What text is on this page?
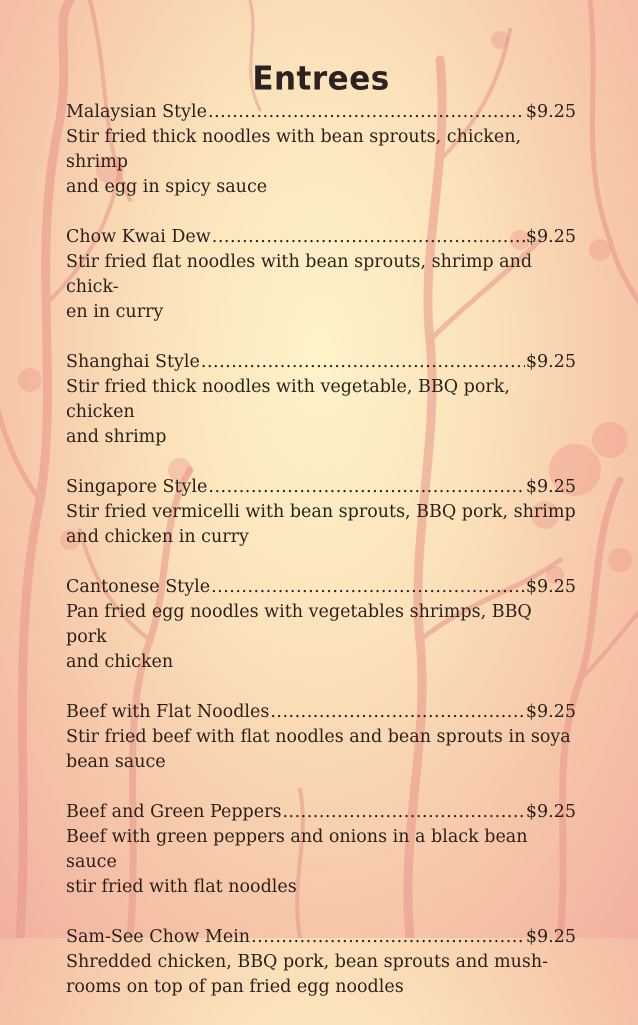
Entrees
Malaysian Style .....	$9.25
Stir fried thick noodles with bean sprouts, chicken, shrimp
and egg in spicy sauce
Chow Kwai Dew .....	$9.25
Stir fried flat noodles with bean sprouts, shrimp and chick-
en in curry
Shanghai Style .....	$9.25
Stir fried thick noodles with vegetable, BBQ pork, chicken
and shrimp
Singapore Style .....	$9.25
Stir fried vermicelli with bean sprouts, BBQ pork, shrimp
and chicken in curry
Cantonese Style .....	$9.25
Pan fried egg noodles with vegetables shrimps, BBQ pork
and chicken
Beef with Flat Noodles .....	$9.25
Stir fried beef with flat noodles and bean sprouts in soya
bean sauce
Beef and Green Peppers .....	$9.25
Beef with green peppers and onions in a black bean sauce
stir fried with flat noodles
Sam-See Chow Mein .....	$9.25
Shredded chicken, BBQ pork, bean sprouts and mush-
rooms on top of pan fried egg noodles
